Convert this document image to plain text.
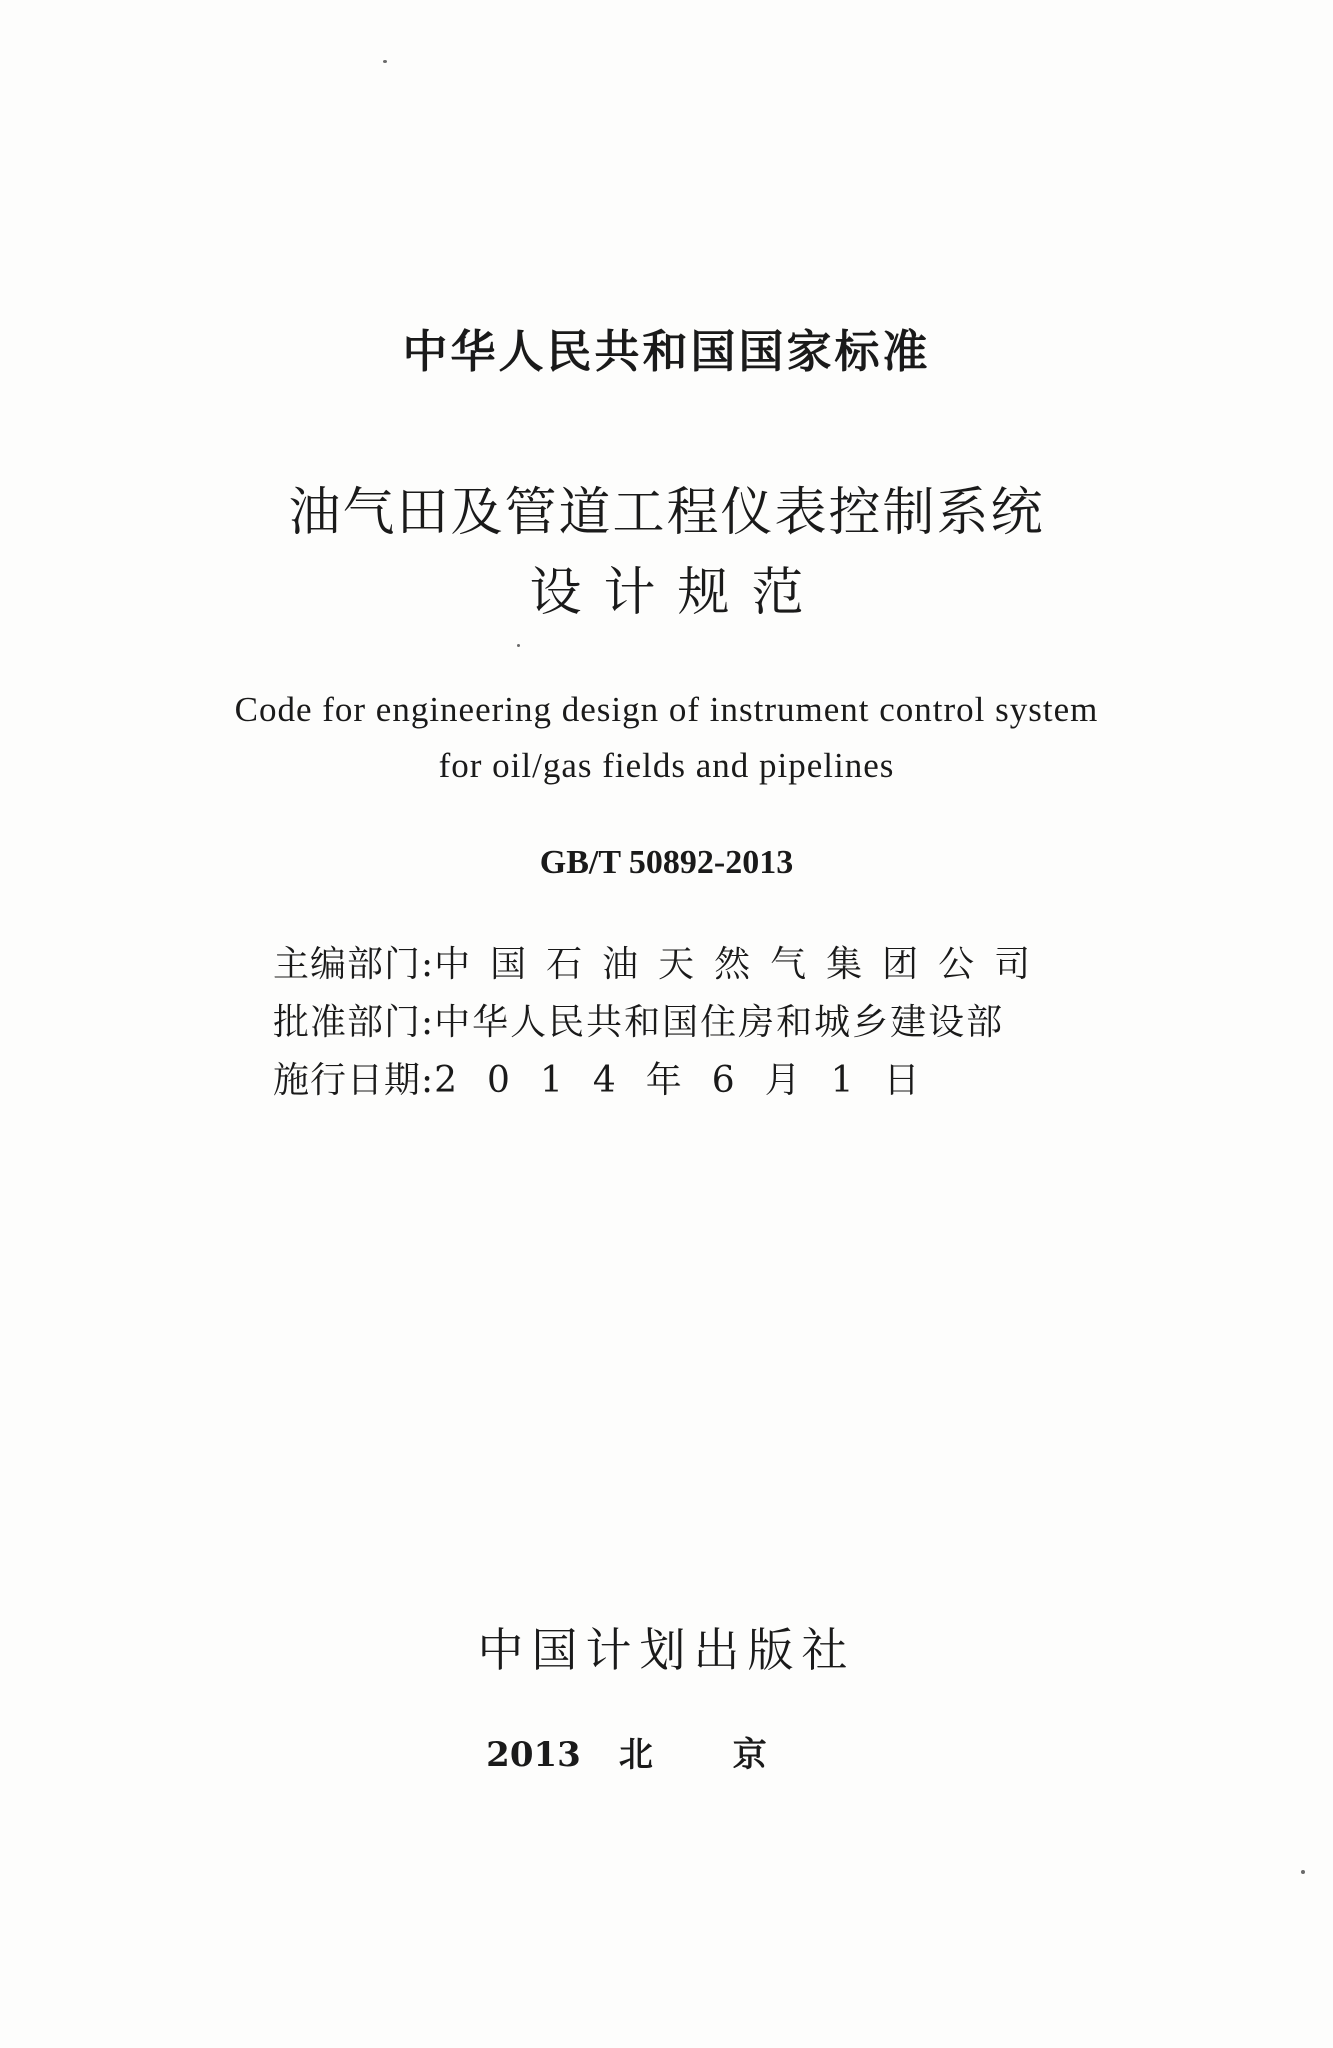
中华人民共和国国家标准
油气田及管道工程仪表控制系统
设计规范
Code for engineering design of instrument control system
for oil/gas fields and pipelines
GB/T 50892-2013
主编部门: 中国石油天然气集团公司
批准部门: 中华人民共和国住房和城乡建设部
施行日期: 2014年6月1日
中国计划出版社
2013 北京
